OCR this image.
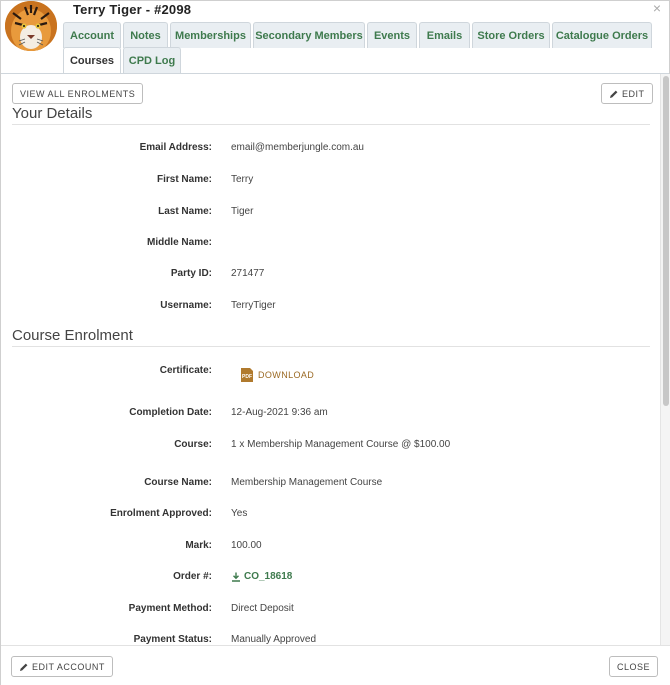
Terry Tiger - #2098	×
Account	Notes	Memberships Secondary Members	Events	Emails	Store Orders	Catalogue Orders
Courses	CPD Log
VIEW ALL ENROLMENTS	EDIT
Your Details
Email Address: email@memberjungle.com.au
First Name: Terry
Last Name: Tiger
Middle Name:
Party ID: 271477
Username: TerryTiger
Course Enrolment
Certificate:
PDF DOWNLOAD
Completion Date: 12-Aug-2021 9:36 am
Course: 1 x Membership Management Course @ $100.00
Course Name: Membership Management Course
Enrolment Approved: Yes
Mark: 100.00
Order #:	CO_18618
Payment Method: Direct Deposit
Payment Status: Manually Approved
EDIT ACCOUNT	CLOSE
